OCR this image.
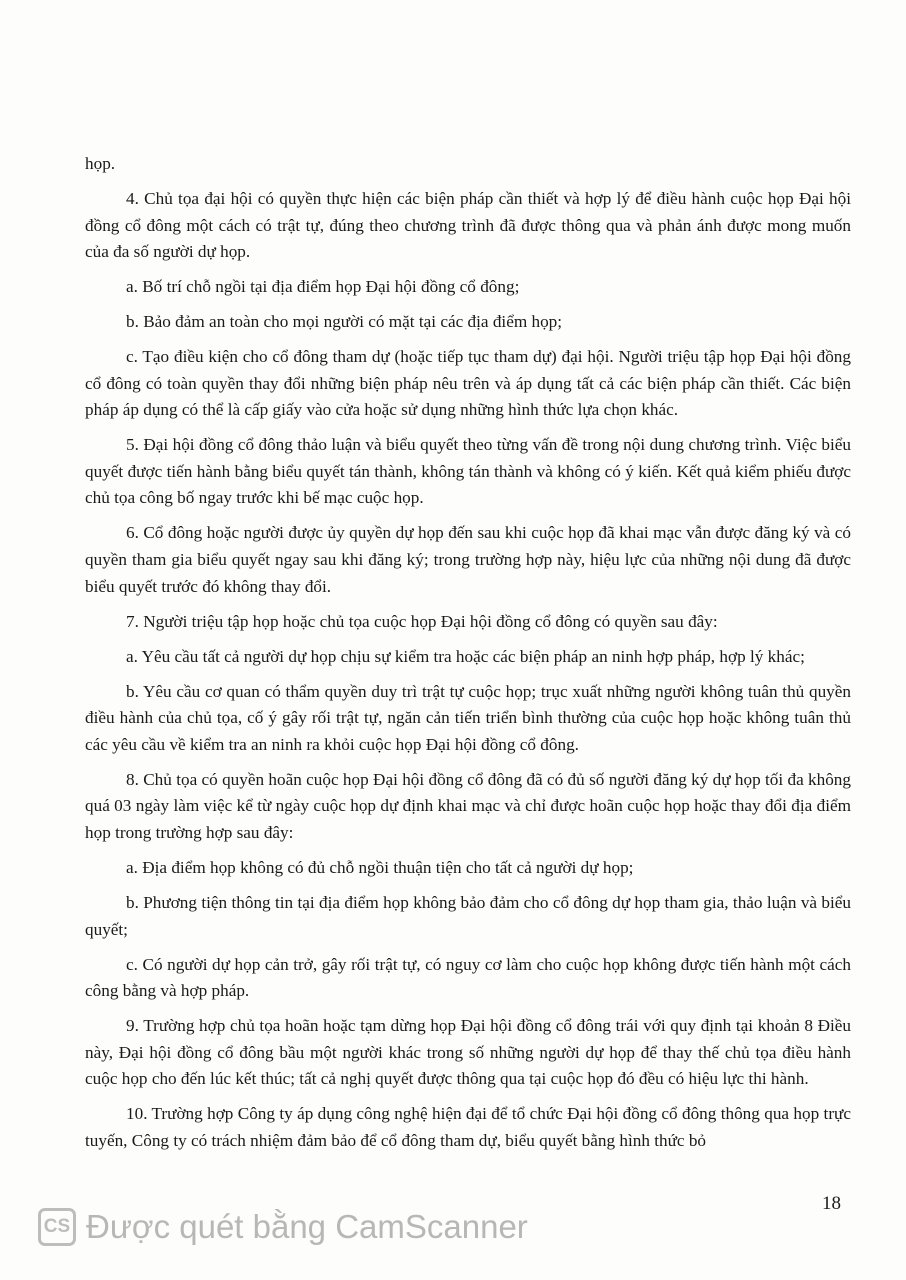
họp.

4. Chủ tọa đại hội có quyền thực hiện các biện pháp cần thiết và hợp lý để điều hành cuộc họp Đại hội đồng cổ đông một cách có trật tự, đúng theo chương trình đã được thông qua và phản ánh được mong muốn của đa số người dự họp.

a. Bố trí chỗ ngồi tại địa điểm họp Đại hội đồng cổ đông;

b. Bảo đảm an toàn cho mọi người có mặt tại các địa điểm họp;

c. Tạo điều kiện cho cổ đông tham dự (hoặc tiếp tục tham dự) đại hội. Người triệu tập họp Đại hội đồng cổ đông có toàn quyền thay đổi những biện pháp nêu trên và áp dụng tất cả các biện pháp cần thiết. Các biện pháp áp dụng có thể là cấp giấy vào cửa hoặc sử dụng những hình thức lựa chọn khác.

5. Đại hội đồng cổ đông thảo luận và biểu quyết theo từng vấn đề trong nội dung chương trình. Việc biểu quyết được tiến hành bằng biểu quyết tán thành, không tán thành và không có ý kiến. Kết quả kiểm phiếu được chủ tọa công bố ngay trước khi bế mạc cuộc họp.

6. Cổ đông hoặc người được ủy quyền dự họp đến sau khi cuộc họp đã khai mạc vẫn được đăng ký và có quyền tham gia biểu quyết ngay sau khi đăng ký; trong trường hợp này, hiệu lực của những nội dung đã được biểu quyết trước đó không thay đổi.

7. Người triệu tập họp hoặc chủ tọa cuộc họp Đại hội đồng cổ đông có quyền sau đây:

a. Yêu cầu tất cả người dự họp chịu sự kiểm tra hoặc các biện pháp an ninh hợp pháp, hợp lý khác;

b. Yêu cầu cơ quan có thẩm quyền duy trì trật tự cuộc họp; trục xuất những người không tuân thủ quyền điều hành của chủ tọa, cố ý gây rối trật tự, ngăn cản tiến triển bình thường của cuộc họp hoặc không tuân thủ các yêu cầu về kiểm tra an ninh ra khỏi cuộc họp Đại hội đồng cổ đông.

8. Chủ tọa có quyền hoãn cuộc họp Đại hội đồng cổ đông đã có đủ số người đăng ký dự họp tối đa không quá 03 ngày làm việc kể từ ngày cuộc họp dự định khai mạc và chỉ được hoãn cuộc họp hoặc thay đổi địa điểm họp trong trường hợp sau đây:

a. Địa điểm họp không có đủ chỗ ngồi thuận tiện cho tất cả người dự họp;

b. Phương tiện thông tin tại địa điểm họp không bảo đảm cho cổ đông dự họp tham gia, thảo luận và biểu quyết;

c. Có người dự họp cản trở, gây rối trật tự, có nguy cơ làm cho cuộc họp không được tiến hành một cách công bằng và hợp pháp.

9. Trường hợp chủ tọa hoãn hoặc tạm dừng họp Đại hội đồng cổ đông trái với quy định tại khoản 8 Điều này, Đại hội đồng cổ đông bầu một người khác trong số những người dự họp để thay thế chủ tọa điều hành cuộc họp cho đến lúc kết thúc; tất cả nghị quyết được thông qua tại cuộc họp đó đều có hiệu lực thi hành.

10. Trường hợp Công ty áp dụng công nghệ hiện đại để tổ chức Đại hội đồng cổ đông thông qua họp trực tuyến, Công ty có trách nhiệm đảm bảo để cổ đông tham dự, biểu quyết bằng hình thức bỏ

18
CS Được quét bằng CamScanner
